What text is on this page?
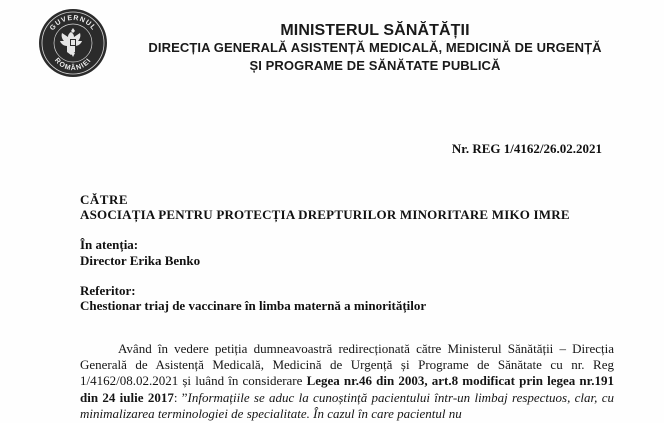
GUVERNUL
ROMÂNIEI
MINISTERUL SĂNĂTĂȚII
DIRECȚIA GENERALĂ ASISTENȚĂ MEDICALĂ, MEDICINĂ DE URGENȚĂ
ȘI PROGRAME DE SĂNĂTATE PUBLICĂ
Nr. REG 1/4162/26.02.2021
CĂTRE
ASOCIAȚIA PENTRU PROTECȚIA DREPTURILOR MINORITARE MIKO IMRE
În atenția:
Director Erika Benko
Referitor:
Chestionar triaj de vaccinare în limba maternă a minorităților
Având în vedere petiția dumneavoastră redirecționată către Ministerul Sănătății – Direcția Generală de Asistență Medicală, Medicină de Urgență și Programe de Sănătate cu nr. Reg 1/4162/08.02.2021 și luând în considerare Legea nr.46 din 2003, art.8 modificat prin legea nr.191 din 24 iulie 2017: ”Informațiile se aduc la cunoștință pacientului într-un limbaj respectuos, clar, cu minimalizarea terminologiei de specialitate. În cazul în care pacientul nu
